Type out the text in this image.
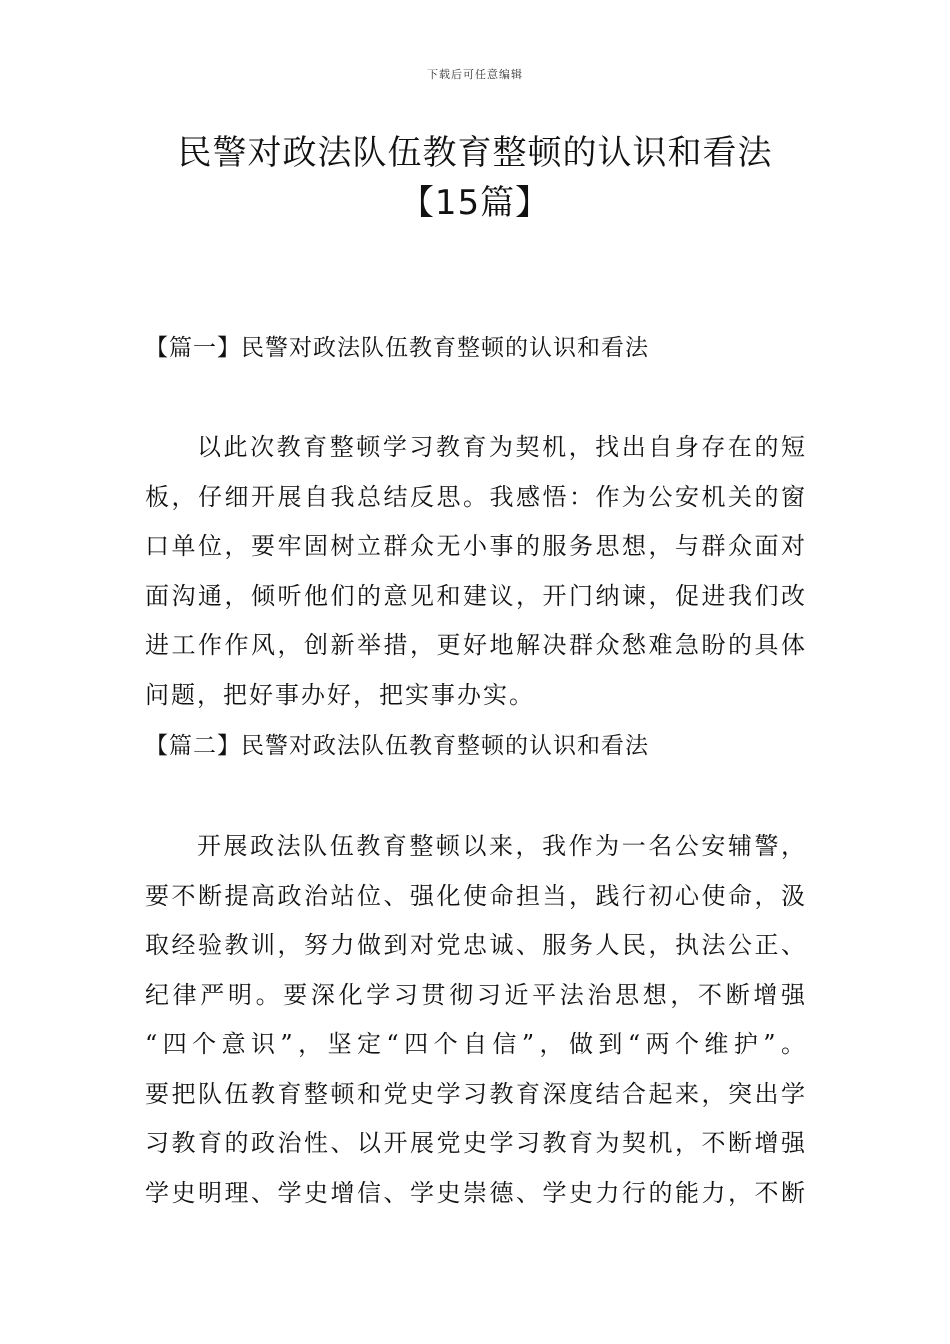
下载后可任意编辑
民警对政法队伍教育整顿的认识和看法
【15篇】
【篇一】民警对政法队伍教育整顿的认识和看法
以此次教育整顿学习教育为契机，找出自身存在的短
板，仔细开展自我总结反思。我感悟：作为公安机关的窗
口单位，要牢固树立群众无小事的服务思想，与群众面对
面沟通，倾听他们的意见和建议，开门纳谏，促进我们改
进工作作风，创新举措，更好地解决群众愁难急盼的具体
问题，把好事办好，把实事办实。
【篇二】民警对政法队伍教育整顿的认识和看法
开展政法队伍教育整顿以来，我作为一名公安辅警，
要不断提高政治站位、强化使命担当，践行初心使命，汲
取经验教训，努力做到对党忠诚、服务人民，执法公正、
纪律严明。要深化学习贯彻习近平法治思想，不断增强
“四个意识”，坚定“四个自信”，做到“两个维护”。
要把队伍教育整顿和党史学习教育深度结合起来，突出学
习教育的政治性、以开展党史学习教育为契机，不断增强
学史明理、学史增信、学史崇德、学史力行的能力，不断
